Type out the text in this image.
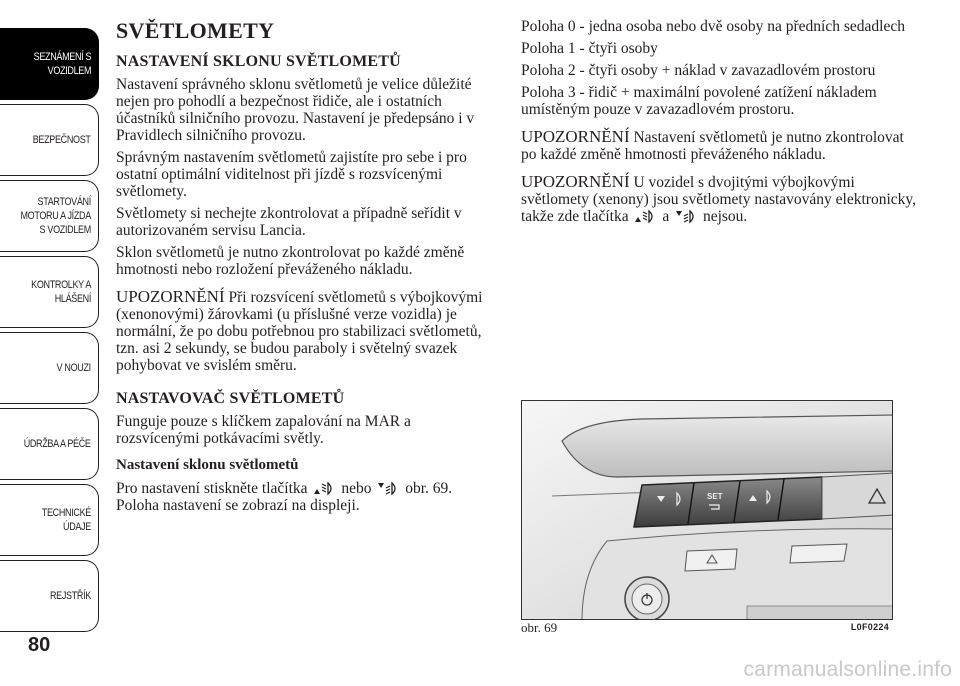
SEZNÁMENÍ S
VOZIDLEM
BEZPEČNOST
STARTOVÁNÍ
MOTORU A JÍZDA
S VOZIDLEM
KONTROLKY A
HLÁŠENÍ
V NOUZI
ÚDRŽBA A PÉČE
TECHNICKÉ
ÚDAJE
REJSTŘÍK
80
SVĚTLOMETY
NASTAVENÍ SKLONU SVĚTLOMETŮ

Nastavení správného sklonu světlometů je velice důležité nejen pro pohodlí a bezpečnost řidiče, ale i ostatních účastníků silničního provozu. Nastavení je předepsáno i v Pravidlech silničního provozu.

Správným nastavením světlometů zajistíte pro sebe i pro ostatní optimální viditelnost při jízdě s rozsvícenými světlomety.

Světlomety si nechejte zkontrolovat a případně seřídit v autorizovaném servisu Lancia.

Sklon světlometů je nutno zkontrolovat po každé změně hmotnosti nebo rozložení převáženého nákladu.

UPOZORNĚNÍ Při rozsvícení světlometů s výbojkovými (xenonovými) žárovkami (u příslušné verze vozidla) je normální, že po dobu potřebnou pro stabilizaci světlometů, tzn. asi 2 sekundy, se budou paraboly i světelný svazek pohybovat ve svislém směru.

NASTAVOVAČ SVĚTLOMETŮ

Funguje pouze s klíčkem zapalování na MAR a rozsvícenými potkávacími světly.

Nastavení sklonu světlometů

Pro nastavení stiskněte tlačítka nebo obr. 69. Poloha nastavení se zobrazí na displeji.

Poloha 0 - jedna osoba nebo dvě osoby na předních sedadlech

Poloha 1 - čtyři osoby

Poloha 2 - čtyři osoby + náklad v zavazadlovém prostoru

Poloha 3 - řidič + maximální povolené zatížení nákladem umístěným pouze v zavazadlovém prostoru.

UPOZORNĚNÍ Nastavení světlometů je nutno zkontrolovat po každé změně hmotnosti převáženého nákladu.

UPOZORNĚNÍ U vozidel s dvojitými výbojkovými světlomety (xenony) jsou světlomety nastavovány elektronicky, takže zde tlačítka a nejsou.

SET
obr. 69	L0F0224
carmanualsonline.info
